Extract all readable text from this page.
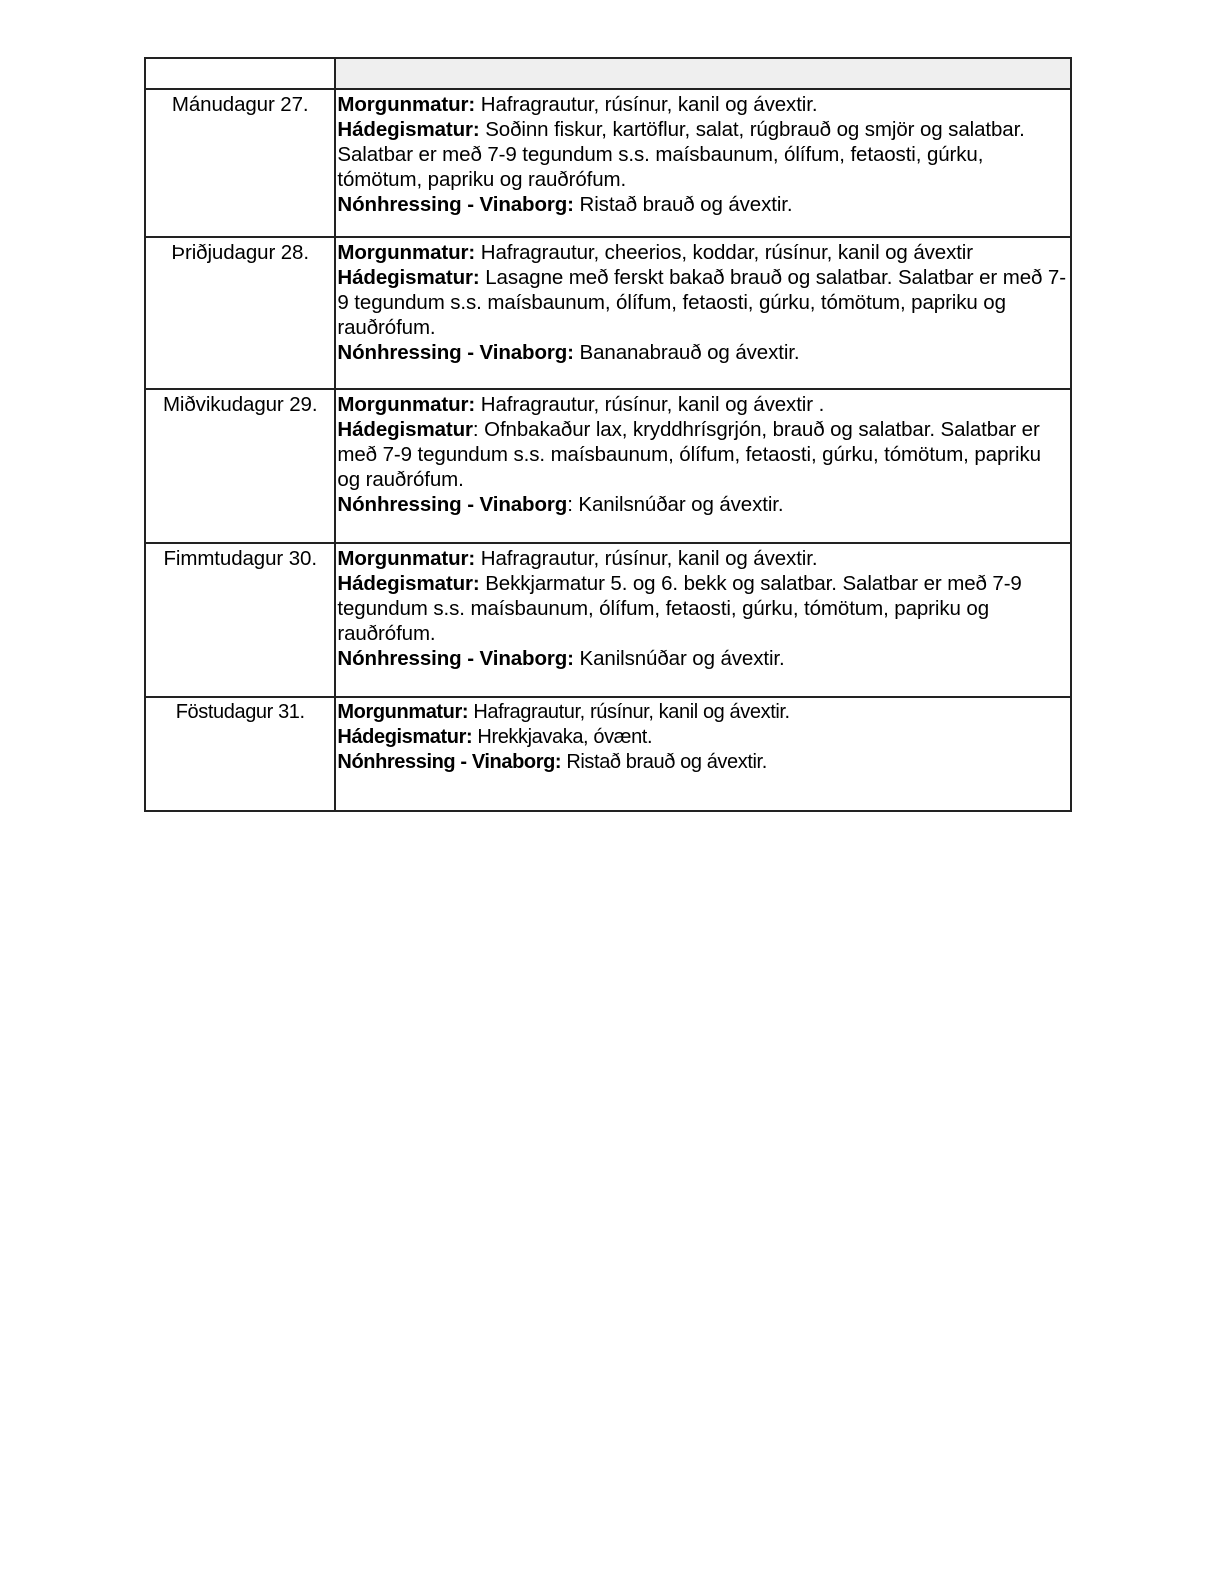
Mánudagur 27.	Morgunmatur: Hafragrautur, rúsínur, kanil og ávextir.
Hádegismatur: Soðinn fiskur, kartöflur, salat, rúgbrauð og smjör og salatbar. Salatbar er með 7-9 tegundum s.s. maísbaunum, ólífum, fetaosti, gúrku, tómötum, papriku og rauðrófum.
Nónhressing - Vinaborg: Ristað brauð og ávextir.

Þriðjudagur 28.	Morgunmatur: Hafragrautur, cheerios, koddar, rúsínur, kanil og ávextir
Hádegismatur: Lasagne með ferskt bakað brauð og salatbar. Salatbar er með 7-9 tegundum s.s. maísbaunum, ólífum, fetaosti, gúrku, tómötum, papriku og rauðrófum.
Nónhressing - Vinaborg: Bananabrauð og ávextir.

Miðvikudagur 29.	Morgunmatur: Hafragrautur, rúsínur, kanil og ávextir .
Hádegismatur: Ofnbakaður lax, kryddhrísgrjón, brauð og salatbar. Salatbar er með 7-9 tegundum s.s. maísbaunum, ólífum, fetaosti, gúrku, tómötum, papriku og rauðrófum.
Nónhressing - Vinaborg: Kanilsnúðar og ávextir.

Fimmtudagur 30.	Morgunmatur: Hafragrautur, rúsínur, kanil og ávextir.
Hádegismatur: Bekkjarmatur 5. og 6. bekk og salatbar. Salatbar er með 7-9 tegundum s.s. maísbaunum, ólífum, fetaosti, gúrku, tómötum, papriku og rauðrófum.
Nónhressing - Vinaborg: Kanilsnúðar og ávextir.

Föstudagur 31.	Morgunmatur: Hafragrautur, rúsínur, kanil og ávextir.
Hádegismatur: Hrekkjavaka, óvænt.
Nónhressing - Vinaborg: Ristað brauð og ávextir.
